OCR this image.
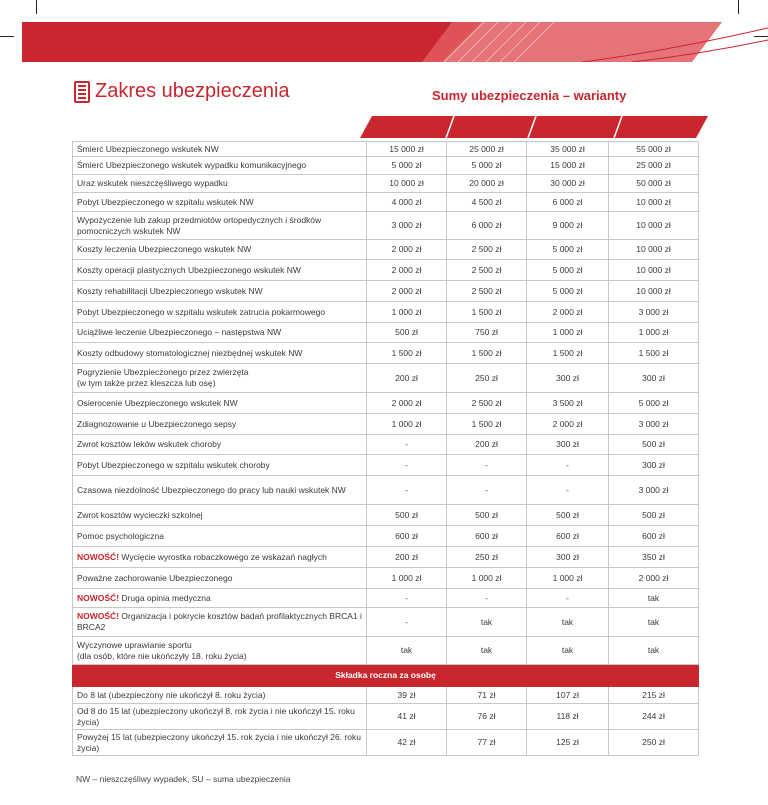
Zakres ubezpieczenia	Sumy ubezpieczenia – warianty
Oszczędny	Optymalny	Maksymalny	Prestiż
Śmierć Ubezpieczonego wskutek NW	15 000 zł	25 000 zł	35 000 zł	55 000 zł
Śmierć Ubezpieczonego wskutek wypadku komunikacyjnego	5 000 zł	5 000 zł	15 000 zł	25 000 zł
Uraz wskutek nieszczęśliwego wypadku	10 000 zł	20 000 zł	30 000 zł	50 000 zł
Pobyt Ubezpieczonego w szpitalu wskutek NW	4 000 zł	4 500 zł	6 000 zł	10 000 zł
Wypożyczenie lub zakup przedmiotów ortopedycznych i środków pomocniczych wskutek NW	3 000 zł	6 000 zł	9 000 zł	10 000 zł
Koszty leczenia Ubezpieczonego wskutek NW	2 000 zł	2 500 zł	5 000 zł	10 000 zł
Koszty operacji plastycznych Ubezpieczonego wskutek NW	2 000 zł	2 500 zł	5 000 zł	10 000 zł
Koszty rehabilitacji Ubezpieczonego wskutek NW	2 000 zł	2 500 zł	5 000 zł	10 000 zł
Pobyt Ubezpieczonego w szpitalu wskutek zatrucia pokarmowego	1 000 zł	1 500 zł	2 000 zł	3 000 zł
Uciążliwe leczenie Ubezpieczonego – następstwa NW	500 zł	750 zł	1 000 zł	1 000 zł
Koszty odbudowy stomatologicznej niezbędnej wskutek NW	1 500 zł	1 500 zł	1 500 zł	1 500 zł
Pogryzienie Ubezpieczonego przez zwierzęta
(w tym także przez kleszcza lub osę)	200 zł	250 zł	300 zł	300 zł
Osierocenie Ubezpieczonego wskutek NW	2 000 zł	2 500 zł	3 500 zł	5 000 zł
Zdiagnozowanie u Ubezpieczonego sepsy	1 000 zł	1 500 zł	2 000 zł	3 000 zł
Zwrot kosztów leków wskutek choroby	-	200 zł	300 zł	500 zł
Pobyt Ubezpieczonego w szpitalu wskutek choroby	-	-	-	300 zł
Czasowa niezdolność Ubezpieczonego do pracy lub nauki wskutek NW	-	-	-	3 000 zł
Zwrot kosztów wycieczki szkolnej	500 zł	500 zł	500 zł	500 zł
Pomoc psychologiczna	600 zł	600 zł	600 zł	600 zł
NOWOŚĆ! Wycięcie wyrostka robaczkowego ze wskazań nagłych	200 zł	250 zł	300 zł	350 zł
Poważne zachorowanie Ubezpieczonego	1 000 zł	1 000 zł	1 000 zł	2 000 zł
NOWOŚĆ! Druga opinia medyczna	-	-	-	tak
NOWOŚĆ! Organizacja i pokrycie kosztów badań profilaktycznych BRCA1 i BRCA2	-	tak	tak	tak
Wyczynowe uprawianie sportu
(dla osób, które nie ukończyły 18. roku życia)	tak	tak	tak	tak
Składka roczna za osobę				
Do 8 lat (ubezpieczony nie ukończył 8. roku życia)	39 zł	71 zł	107 zł	215 zł
Od 8 do 15 lat (ubezpieczony ukończył 8. rok życia i nie ukończył 15. roku życia)	41 zł	76 zł	118 zł	244 zł
Powyżej 15 lat (ubezpieczony ukończył 15. rok życia i nie ukończył 26. roku życia)	42 zł	77 zł	125 zł	250 zł
NW – nieszczęśliwy wypadek, SU – suma ubezpieczenia
